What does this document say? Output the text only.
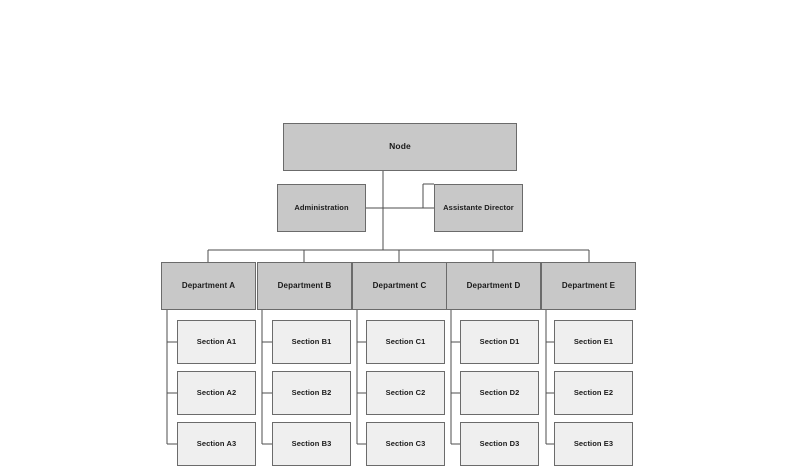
Node
Administration	Assistante Director
Department A	Department B	Department C	Department D	Department E
Section A1
Section A2
Section A3
Section B1
Section B2
Section B3
Section C1
Section C2
Section C3
Section D1
Section D2
Section D3
Section E1
Section E2
Section E3
